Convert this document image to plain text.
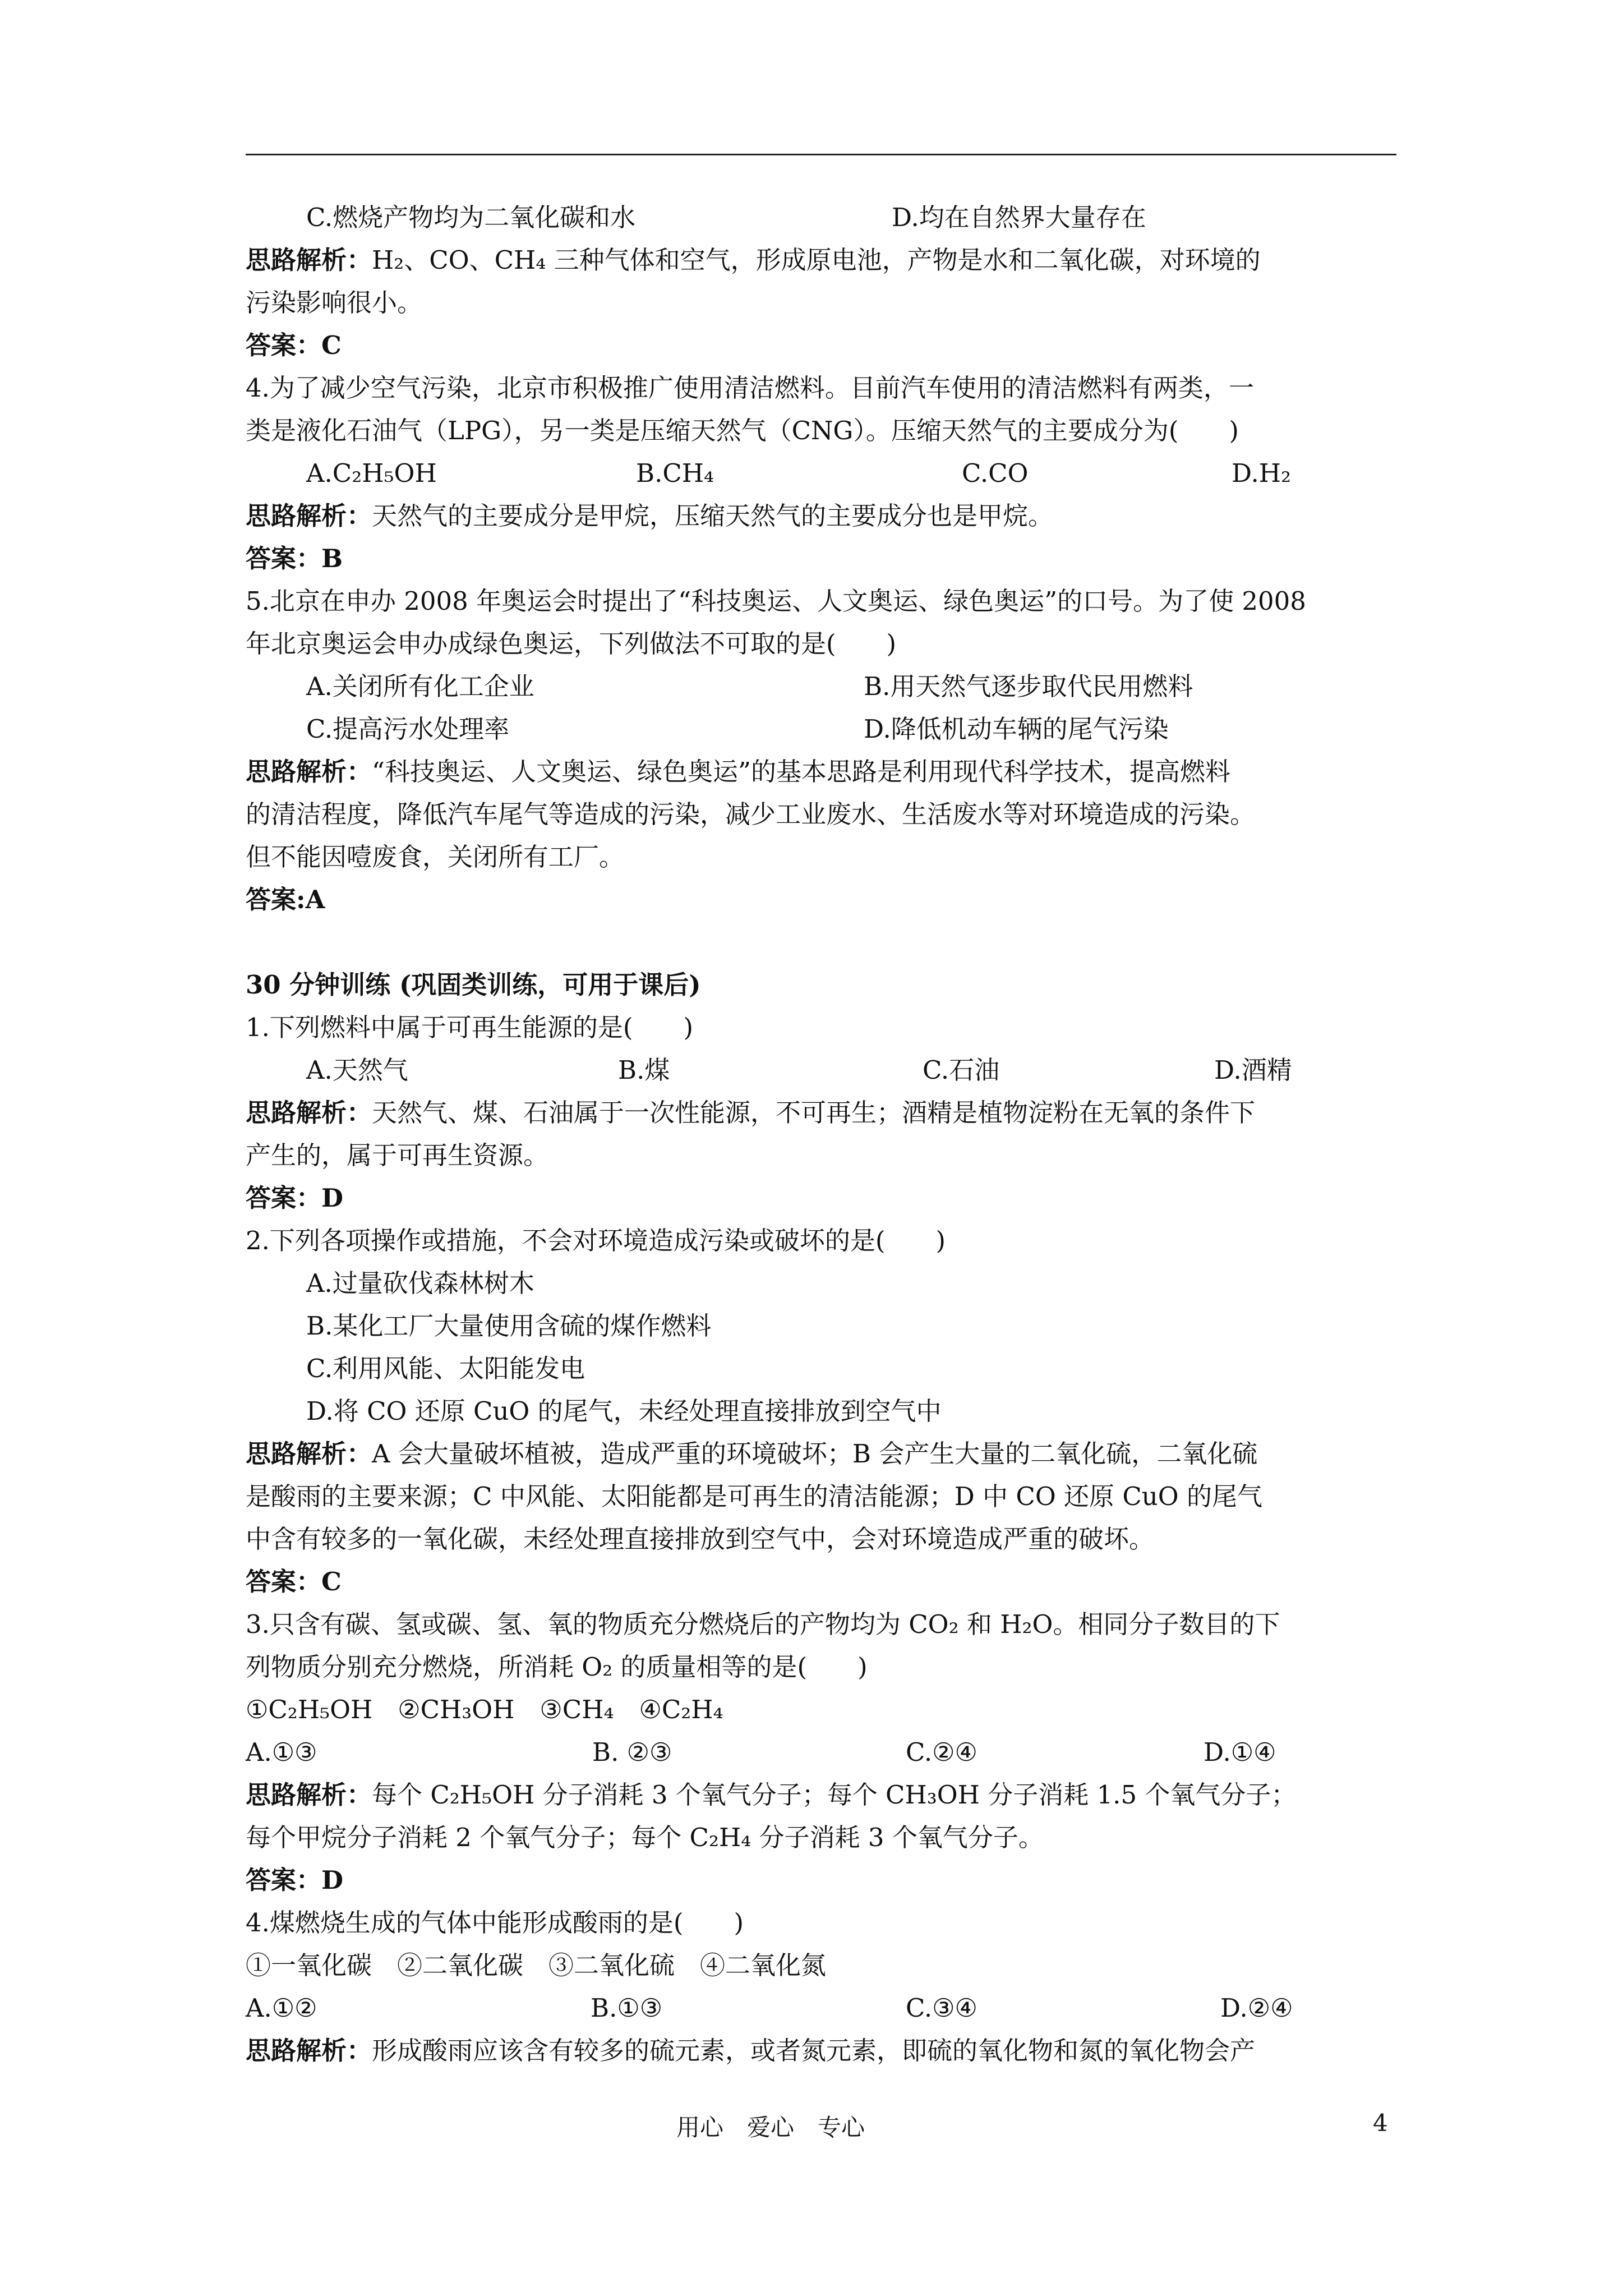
C.燃烧产物均为二氧化碳和水	D.均在自然界大量存在
思路解析：H₂、CO、CH₄ 三种气体和空气，形成原电池，产物是水和二氧化碳，对环境的
污染影响很小。
答案：C
4.为了减少空气污染，北京市积极推广使用清洁燃料。目前汽车使用的清洁燃料有两类，一
类是液化石油气（LPG），另一类是压缩天然气（CNG）。压缩天然气的主要成分为(　　)
A.C₂H₅OH	B.CH₄	C.CO	D.H₂
思路解析：天然气的主要成分是甲烷，压缩天然气的主要成分也是甲烷。
答案：B
5.北京在申办 2008 年奥运会时提出了“科技奥运、人文奥运、绿色奥运”的口号。为了使 2008
年北京奥运会申办成绿色奥运，下列做法不可取的是(　　)
A.关闭所有化工企业	B.用天然气逐步取代民用燃料
C.提高污水处理率	D.降低机动车辆的尾气污染
思路解析：“科技奥运、人文奥运、绿色奥运”的基本思路是利用现代科学技术，提高燃料
的清洁程度，降低汽车尾气等造成的污染，减少工业废水、生活废水等对环境造成的污染。
但不能因噎废食，关闭所有工厂。
答案:A
30 分钟训练 (巩固类训练，可用于课后)
1.下列燃料中属于可再生能源的是(　　)
A.天然气	B.煤	C.石油	D.酒精
思路解析：天然气、煤、石油属于一次性能源，不可再生；酒精是植物淀粉在无氧的条件下
产生的，属于可再生资源。
答案：D
2.下列各项操作或措施，不会对环境造成污染或破坏的是(　　)
A.过量砍伐森林树木
B.某化工厂大量使用含硫的煤作燃料
C.利用风能、太阳能发电
D.将 CO 还原 CuO 的尾气，未经处理直接排放到空气中
思路解析：A 会大量破坏植被，造成严重的环境破坏；B 会产生大量的二氧化硫，二氧化硫
是酸雨的主要来源；C 中风能、太阳能都是可再生的清洁能源；D 中 CO 还原 CuO 的尾气
中含有较多的一氧化碳，未经处理直接排放到空气中，会对环境造成严重的破坏。
答案：C
3.只含有碳、氢或碳、氢、氧的物质充分燃烧后的产物均为 CO₂ 和 H₂O。相同分子数目的下
列物质分别充分燃烧，所消耗 O₂ 的质量相等的是(　　)
①C₂H₅OH　②CH₃OH　③CH₄　④C₂H₄
A.①③	B. ②③	C.②④	D.①④
思路解析：每个 C₂H₅OH 分子消耗 3 个氧气分子；每个 CH₃OH 分子消耗 1.5 个氧气分子；
每个甲烷分子消耗 2 个氧气分子；每个 C₂H₄ 分子消耗 3 个氧气分子。
答案：D
4.煤燃烧生成的气体中能形成酸雨的是(　　)
①一氧化碳　②二氧化碳　③二氧化硫　④二氧化氮
A.①②	B.①③	C.③④	D.②④
思路解析：形成酸雨应该含有较多的硫元素，或者氮元素，即硫的氧化物和氮的氧化物会产
用心　爱心　专心	4
